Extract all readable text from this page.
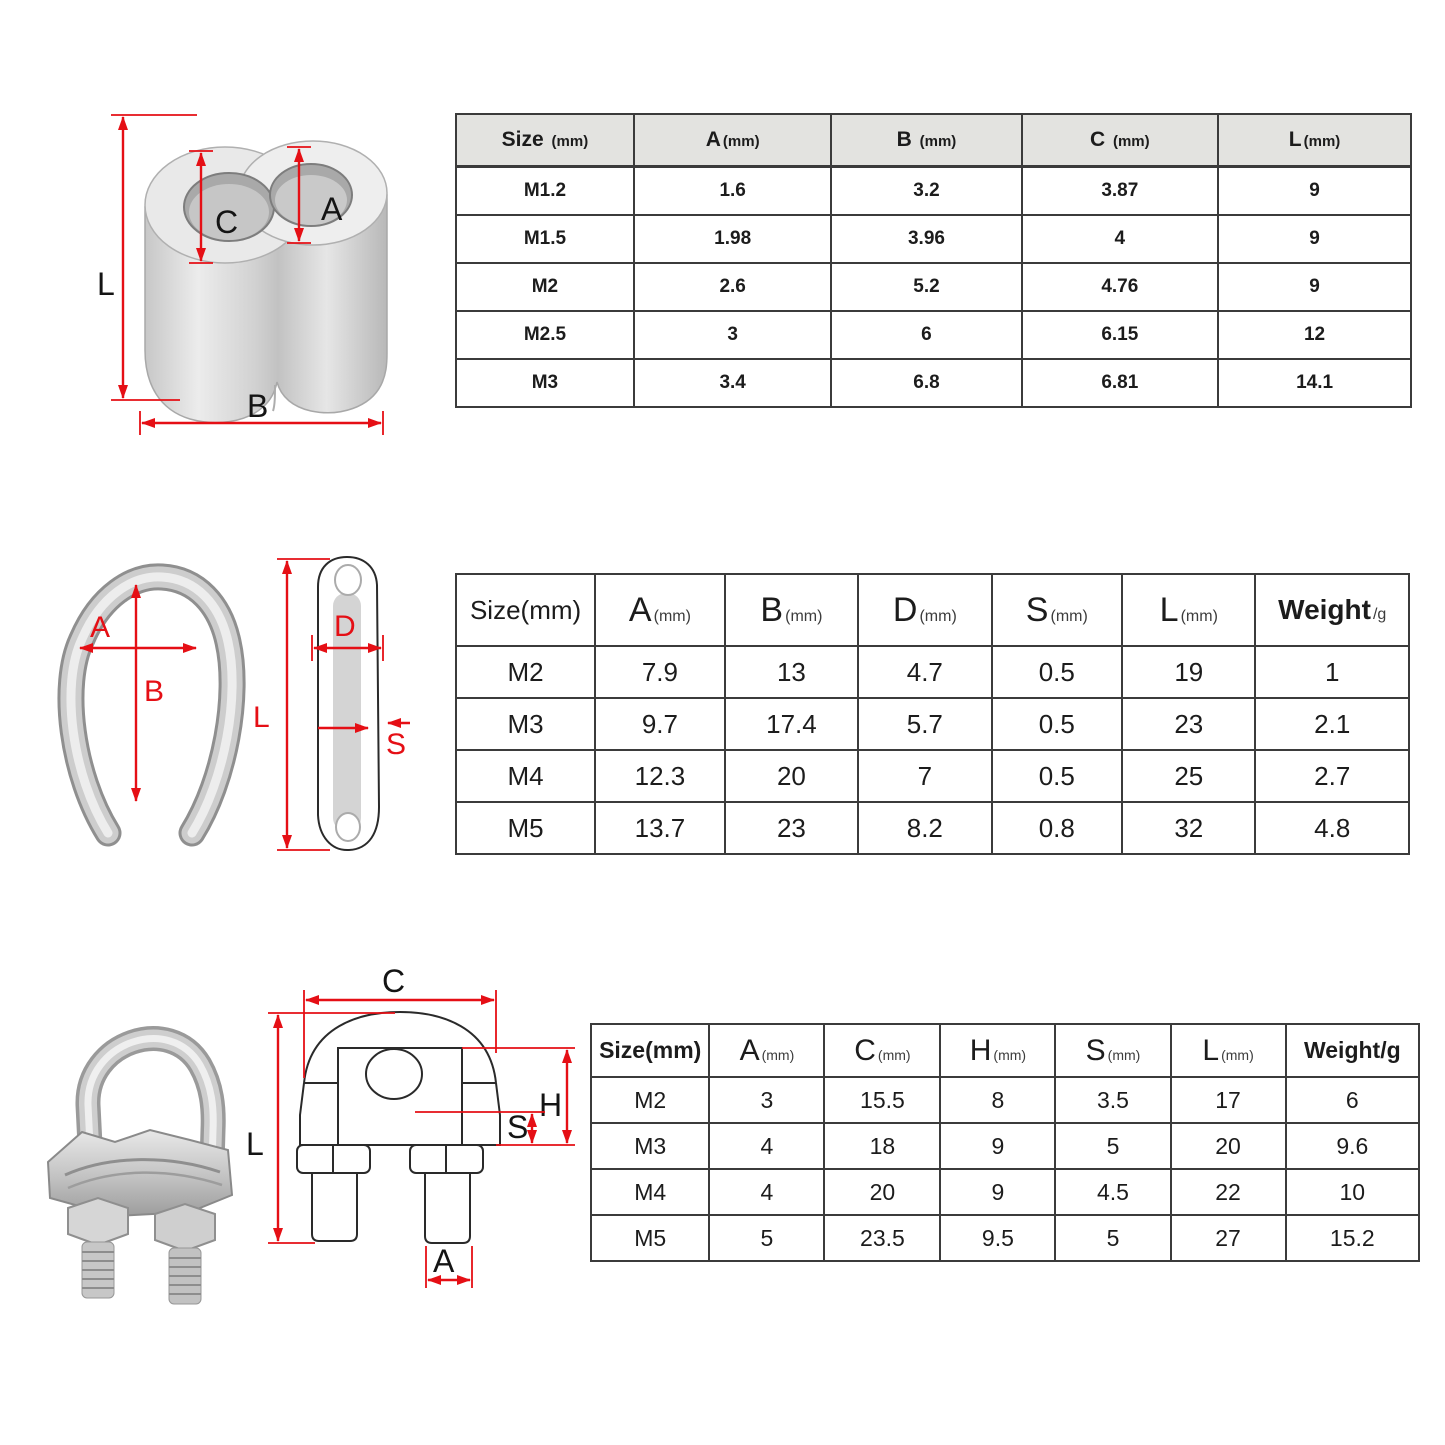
L
C	A
B
A
B
L
D
S
C
L
H
S
A
Size (mm)	A (mm)	B (mm)	C (mm)	L (mm)
M1.2	1.6	3.2	3.87	9
M1.5	1.98	3.96	4	9
M2	2.6	5.2	4.76	9
M2.5	3	6	6.15	12
M3	3.4	6.8	6.81	14.1
Size(mm)	A (mm)	B (mm)	D (mm)	S (mm)	L (mm)	Weight /g
M2	7.9	13	4.7	0.5	19	1
M3	9.7	17.4	5.7	0.5	23	2.1
M4	12.3	20	7	0.5	25	2.7
M5	13.7	23	8.2	0.8	32	4.8
Size(mm)	A (mm)	C (mm)	H (mm)	S (mm)	L (mm)	Weight/g
M2	3	15.5	8	3.5	17	6
M3	4	18	9	5	20	9.6
M4	4	20	9	4.5	22	10
M5	5	23.5	9.5	5	27	15.2
